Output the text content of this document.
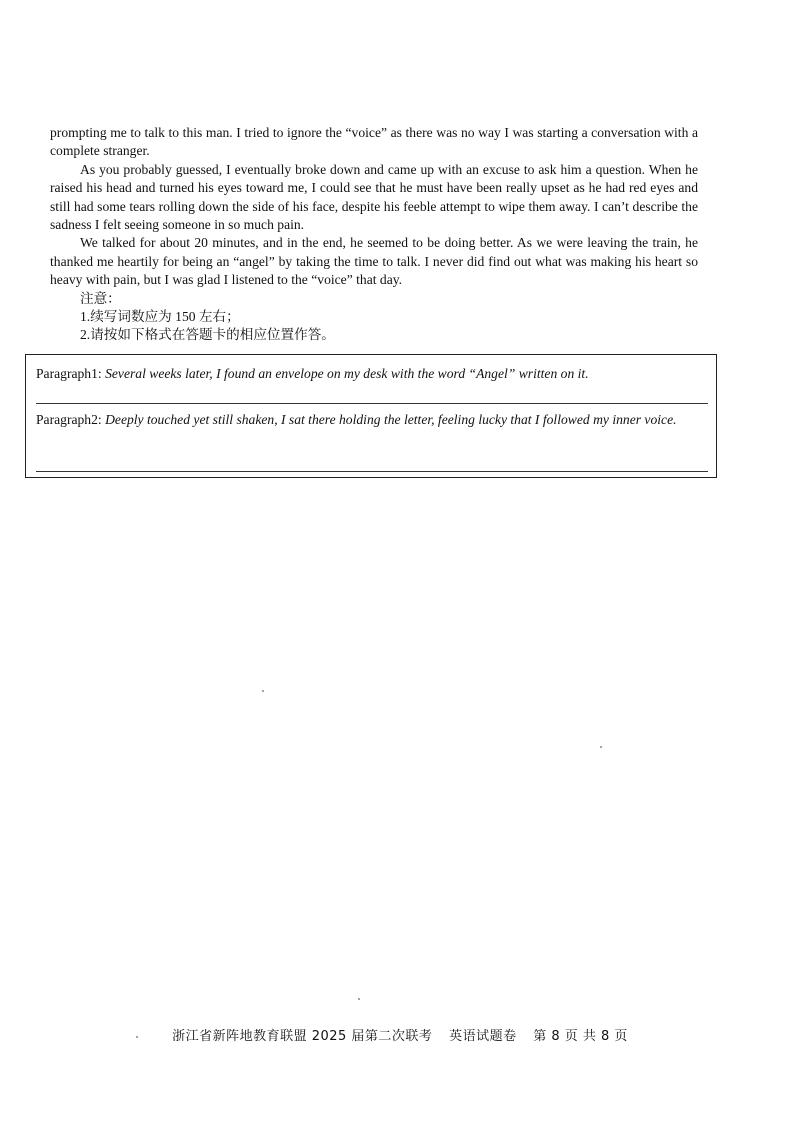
prompting me to talk to this man. I tried to ignore the “voice” as there was no way I was starting a conversation with a complete stranger.

As you probably guessed, I eventually broke down and came up with an excuse to ask him a question. When he raised his head and turned his eyes toward me, I could see that he must have been really upset as he had red eyes and still had some tears rolling down the side of his face, despite his feeble attempt to wipe them away. I can’t describe the sadness I felt seeing someone in so much pain.

We talked for about 20 minutes, and in the end, he seemed to be doing better. As we were leaving the train, he thanked me heartily for being an “angel” by taking the time to talk. I never did find out what was making his heart so heavy with pain, but I was glad I listened to the “voice” that day.

注意：

1.续写词数应为 150 左右；

2.请按如下格式在答题卡的相应位置作答。

Paragraph1: Several weeks later, I found an envelope on my desk with the word “Angel” written on it.
Paragraph2: Deeply touched yet still shaken, I sat there holding the letter, feeling lucky that I followed my inner voice.
浙江省新阵地教育联盟 2025 届第二次联考 英语试题卷 第 8 页 共 8 页
